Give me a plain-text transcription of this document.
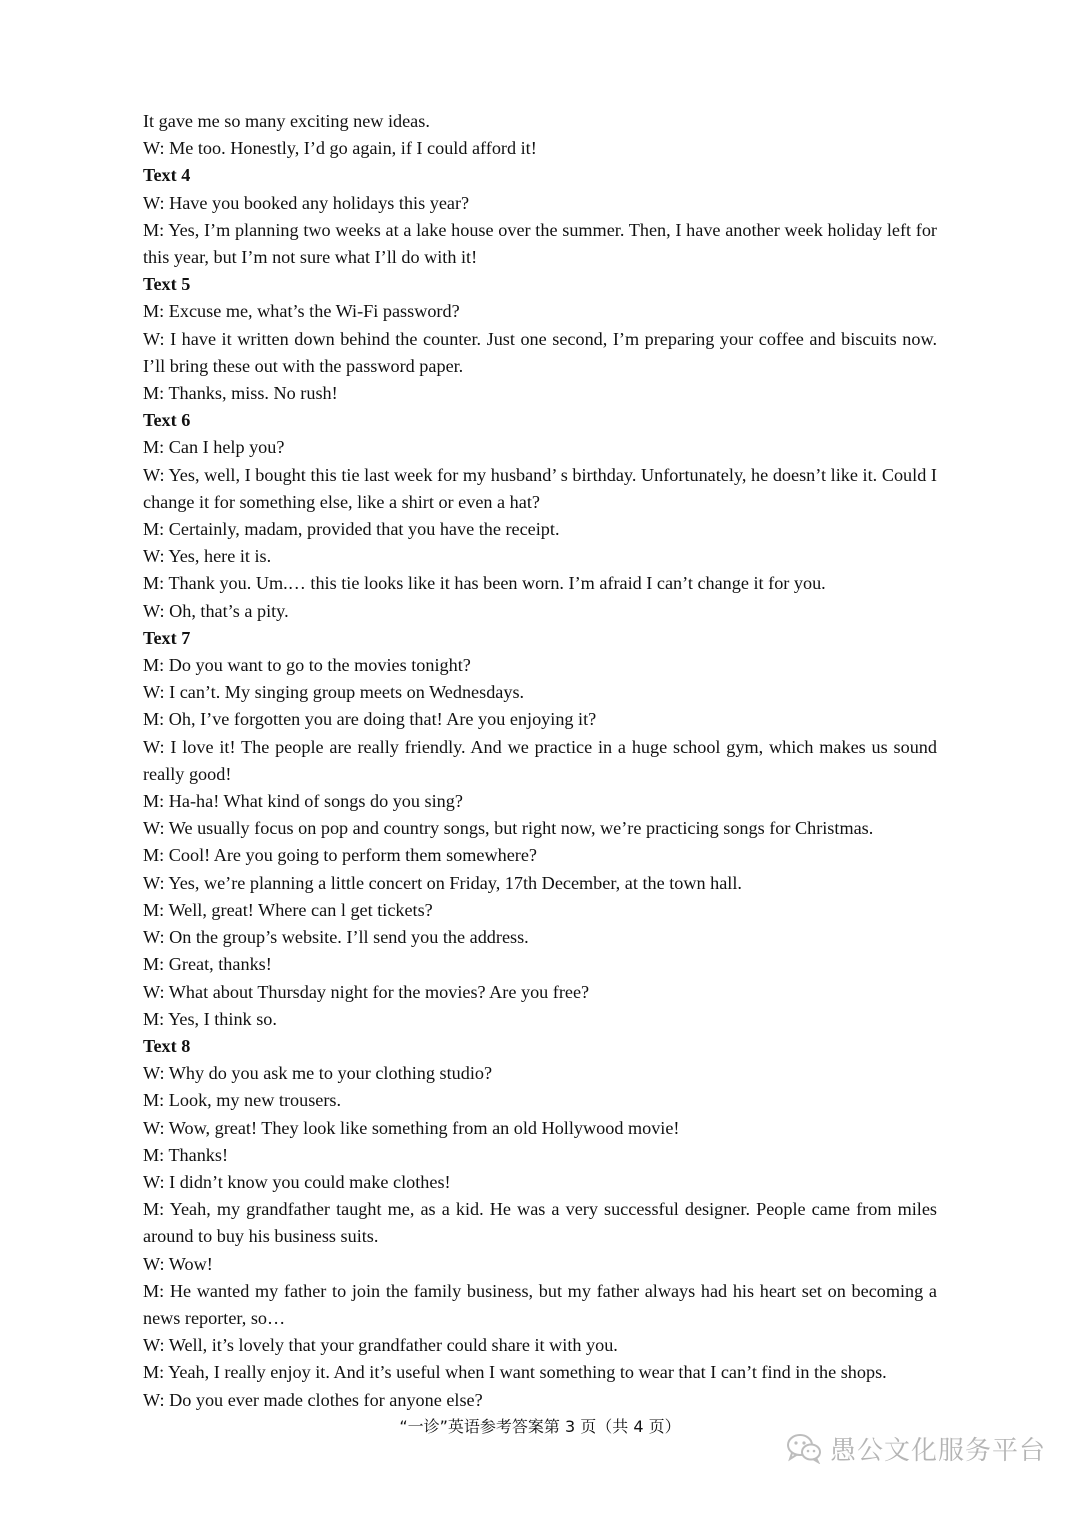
It gave me so many exciting new ideas.

W: Me too. Honestly, I’d go again, if I could afford it!

Text 4

W: Have you booked any holidays this year?

M: Yes, I’m planning two weeks at a lake house over the summer. Then, I have another week holiday left for this year, but I’m not sure what I’ll do with it!

Text 5

M: Excuse me, what’s the Wi-Fi password?

W: I have it written down behind the counter. Just one second, I’m preparing your coffee and biscuits now. I’ll bring these out with the password paper.

M: Thanks, miss. No rush!

Text 6

M: Can I help you?

W: Yes, well, I bought this tie last week for my husband’ s birthday. Unfortunately, he doesn’t like it. Could I change it for something else, like a shirt or even a hat?

M: Certainly, madam, provided that you have the receipt.

W: Yes, here it is.

M: Thank you. Um.… this tie looks like it has been worn. I’m afraid I can’t change it for you.

W: Oh, that’s a pity.

Text 7

M: Do you want to go to the movies tonight?

W: I can’t. My singing group meets on Wednesdays.

M: Oh, I’ve forgotten you are doing that! Are you enjoying it?

W: I love it! The people are really friendly. And we practice in a huge school gym, which makes us sound really good!

M: Ha-ha! What kind of songs do you sing?

W: We usually focus on pop and country songs, but right now, we’re practicing songs for Christmas.

M: Cool! Are you going to perform them somewhere?

W: Yes, we’re planning a little concert on Friday, 17th December, at the town hall.

M: Well, great! Where can l get tickets?

W: On the group’s website. I’ll send you the address.

M: Great, thanks!

W: What about Thursday night for the movies? Are you free?

M: Yes, I think so.

Text 8

W: Why do you ask me to your clothing studio?

M: Look, my new trousers.

W: Wow, great! They look like something from an old Hollywood movie!

M: Thanks!

W: I didn’t know you could make clothes!

M: Yeah, my grandfather taught me, as a kid. He was a very successful designer. People came from miles around to buy his business suits.

W: Wow!

M: He wanted my father to join the family business, but my father always had his heart set on becoming a news reporter, so…

W: Well, it’s lovely that your grandfather could share it with you.

M: Yeah, I really enjoy it. And it’s useful when I want something to wear that I can’t find in the shops.

W: Do you ever made clothes for anyone else?

“一诊”英语参考答案第 3 页（共 4 页）
愚公文化服务平台
